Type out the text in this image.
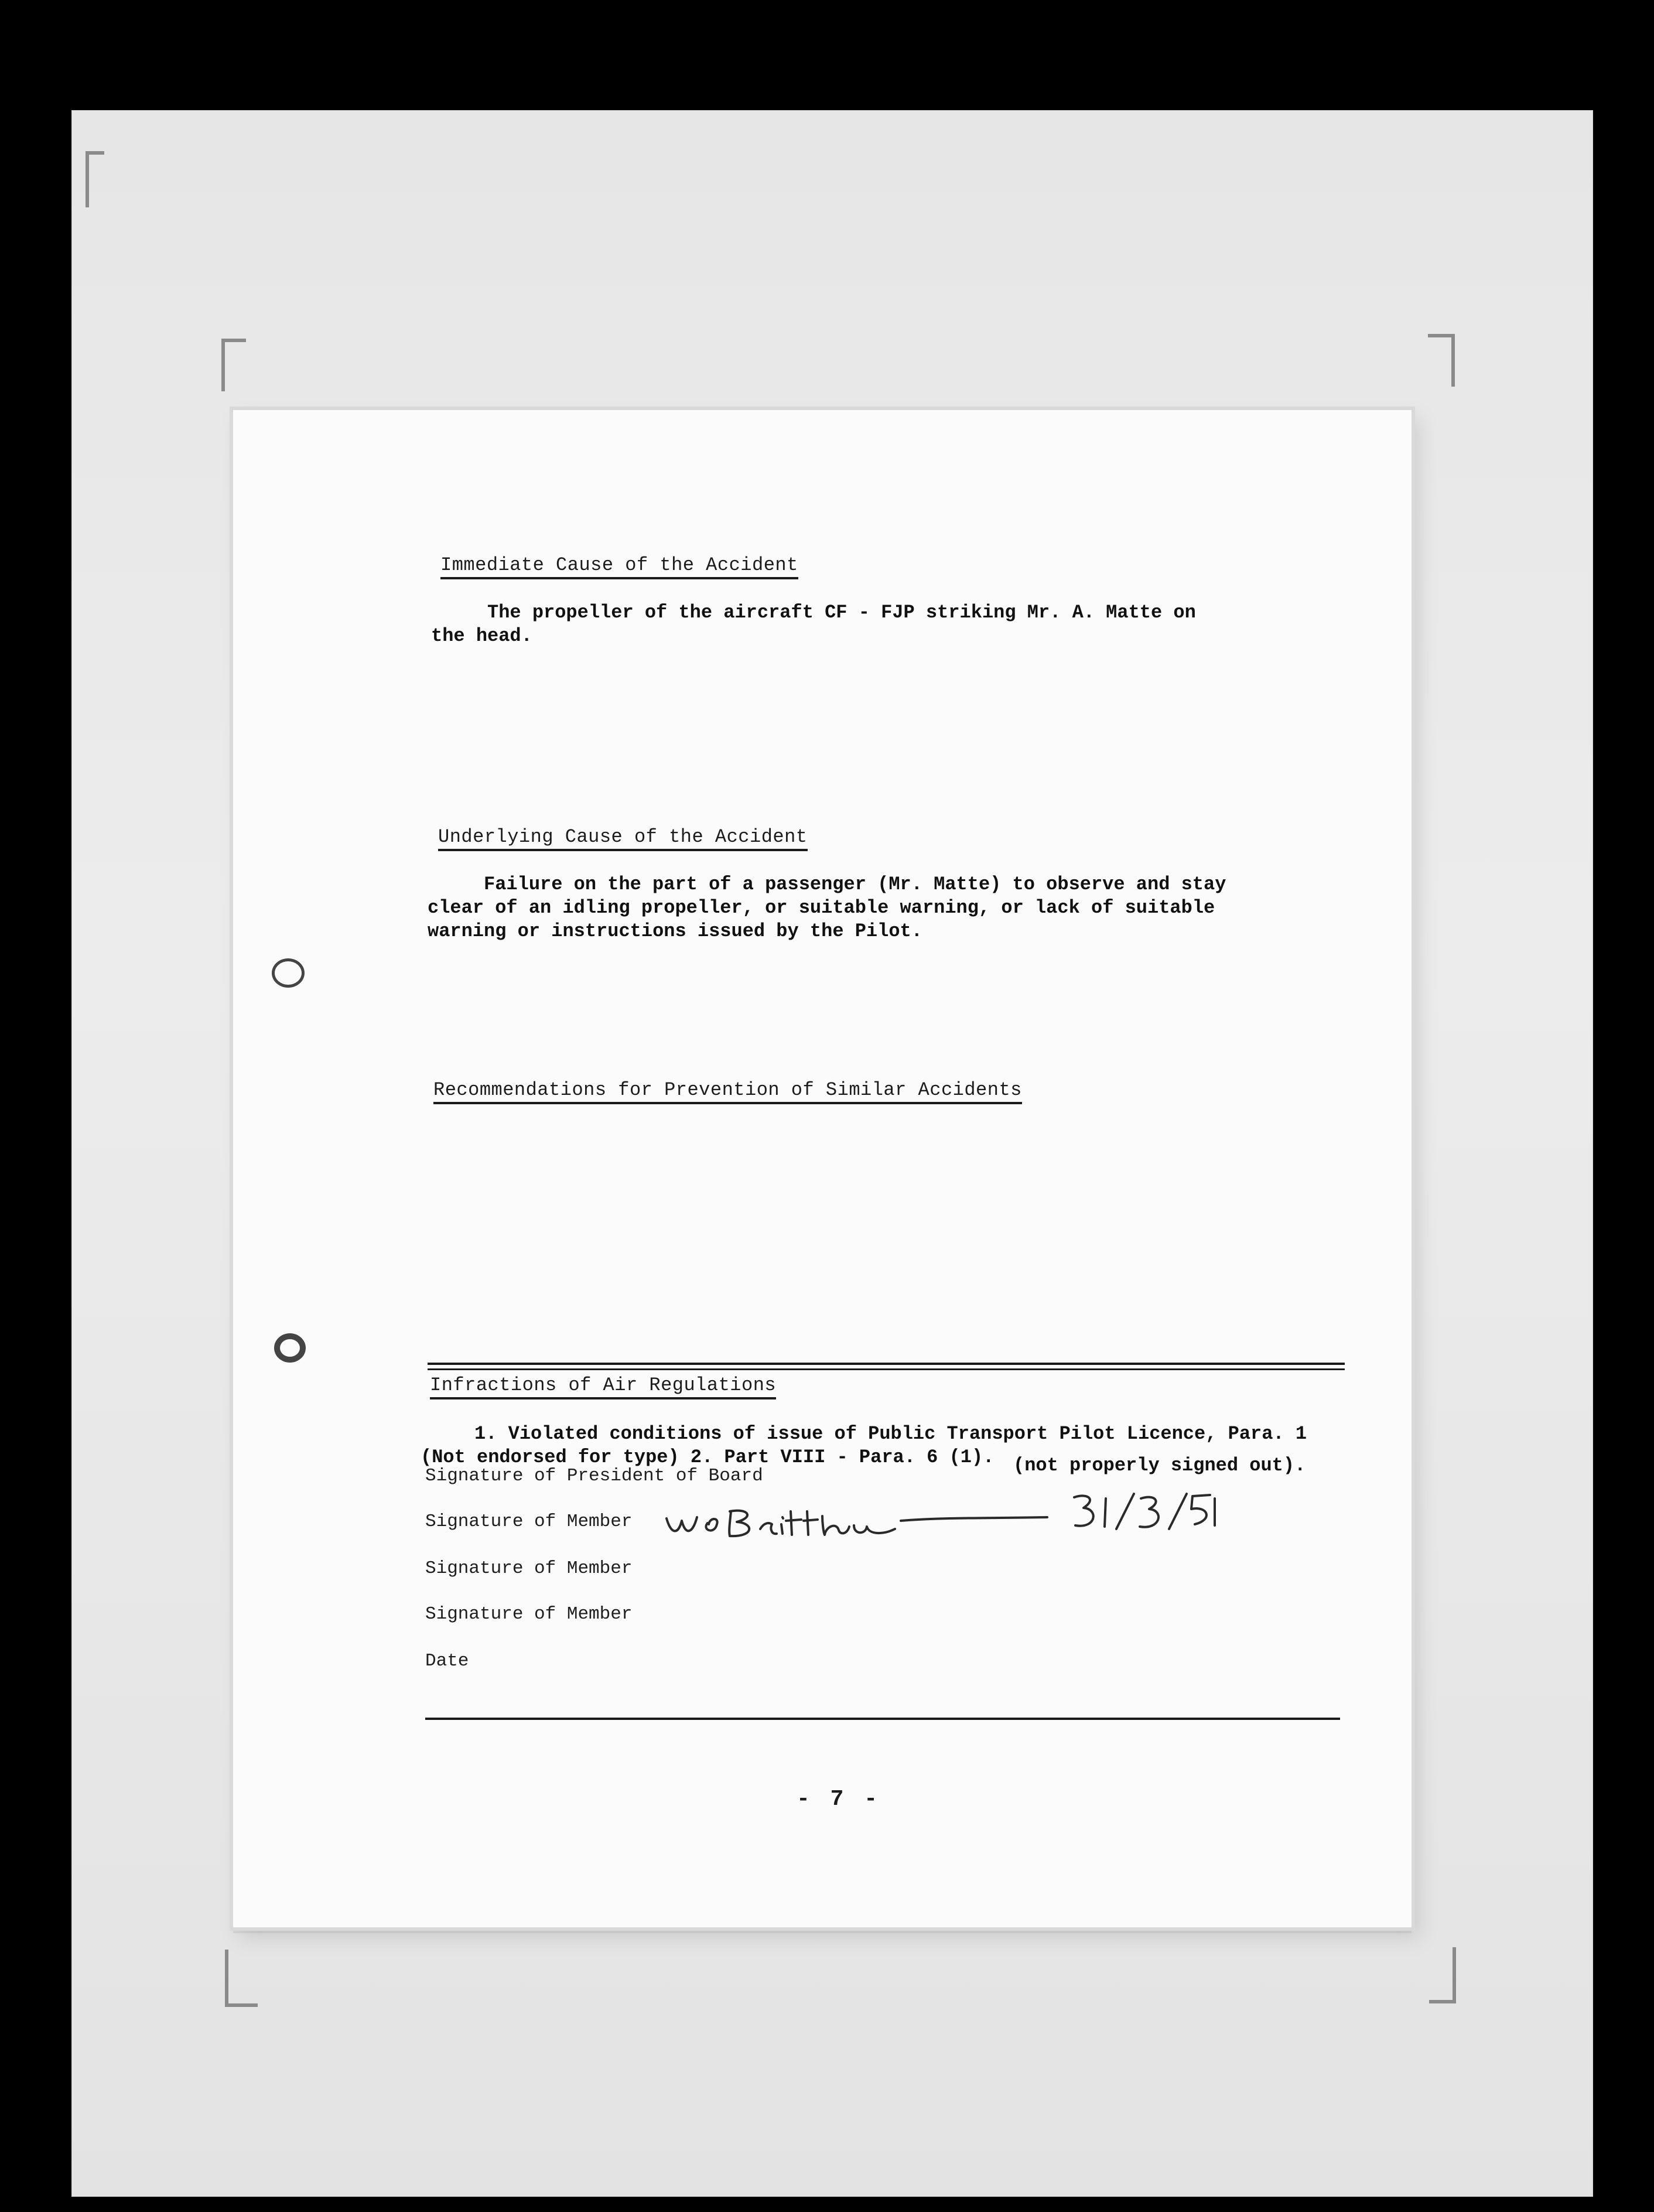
Immediate Cause of the Accident
The propeller of the aircraft CF - FJP striking Mr. A. Matte on
the head.
Underlying Cause of the Accident
Failure on the part of a passenger (Mr. Matte) to observe and stay
clear of an idling propeller, or suitable warning, or lack of suitable
warning or instructions issued by the Pilot.
Recommendations for Prevention of Similar Accidents
Infractions of Air Regulations
1. Violated conditions of issue of Public Transport Pilot Licence, Para. 1
(Not endorsed for type) 2. Part VIII - Para. 6 (1). (not properly signed out).
Signature of President of Board
Signature of Member
Signature of Member
Signature of Member
Date
- 7 -
